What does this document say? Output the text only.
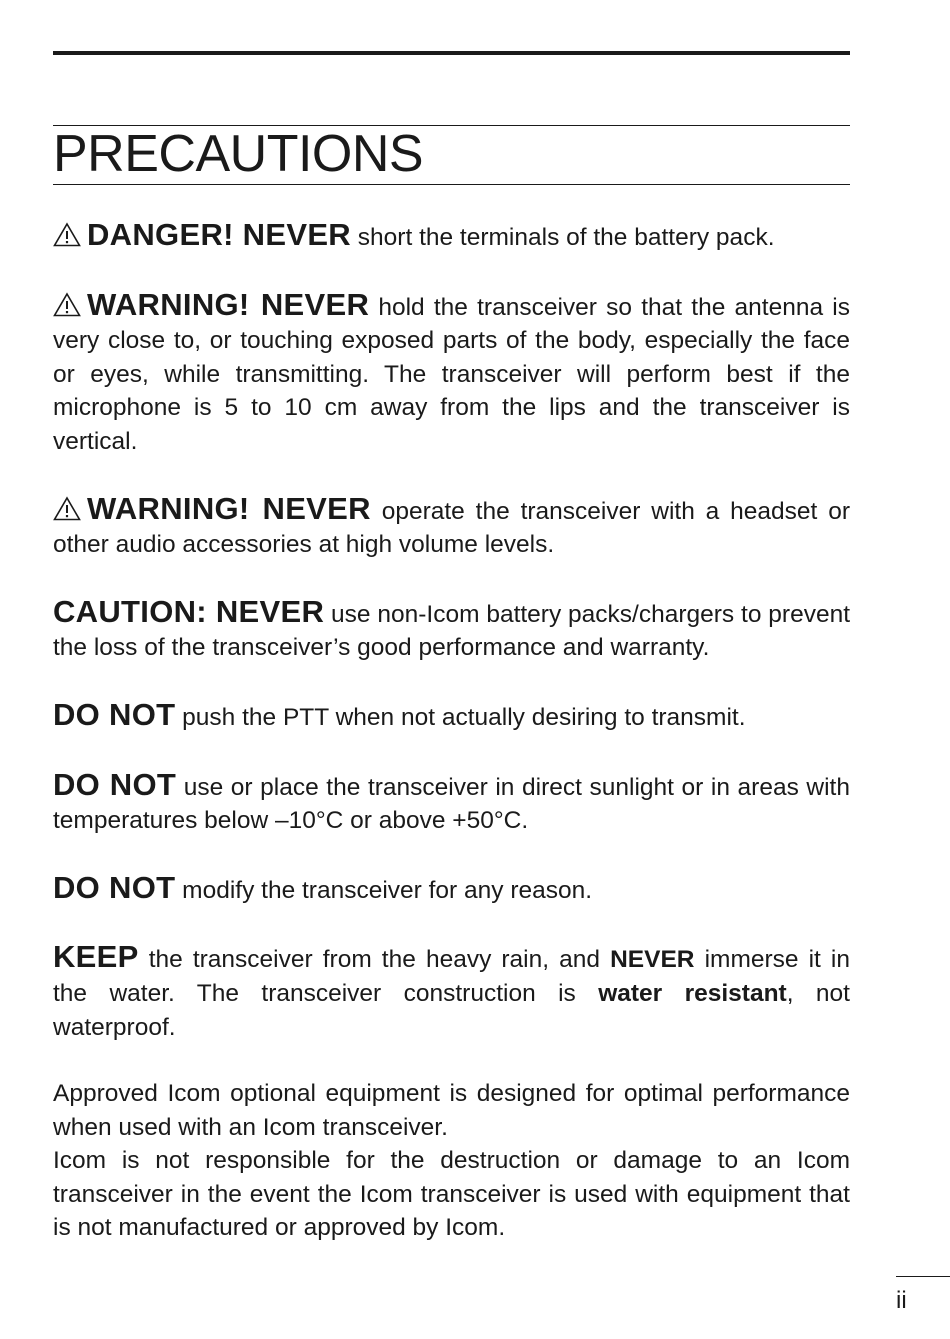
PRECAUTIONS

DANGER! NEVER short the terminals of the battery pack.

WARNING! NEVER hold the transceiver so that the antenna is very close to, or touching exposed parts of the body, especially the face or eyes, while transmitting. The transceiver will perform best if the microphone is 5 to 10 cm away from the lips and the transceiver is vertical.

WARNING! NEVER operate the transceiver with a headset or other audio accessories at high volume levels.

CAUTION: NEVER use non-Icom battery packs/chargers to prevent the loss of the transceiver’s good performance and warranty.

DO NOT push the PTT when not actually desiring to transmit.

DO NOT use or place the transceiver in direct sunlight or in areas with temperatures below –10°C or above +50°C.

DO NOT modify the transceiver for any reason.

KEEP the transceiver from the heavy rain, and NEVER immerse it in the water. The transceiver construction is water resistant, not waterproof.

Approved Icom optional equipment is designed for optimal performance when used with an Icom transceiver.

Icom is not responsible for the destruction or damage to an Icom transceiver in the event the Icom transceiver is used with equipment that is not manufactured or approved by Icom.

ii
